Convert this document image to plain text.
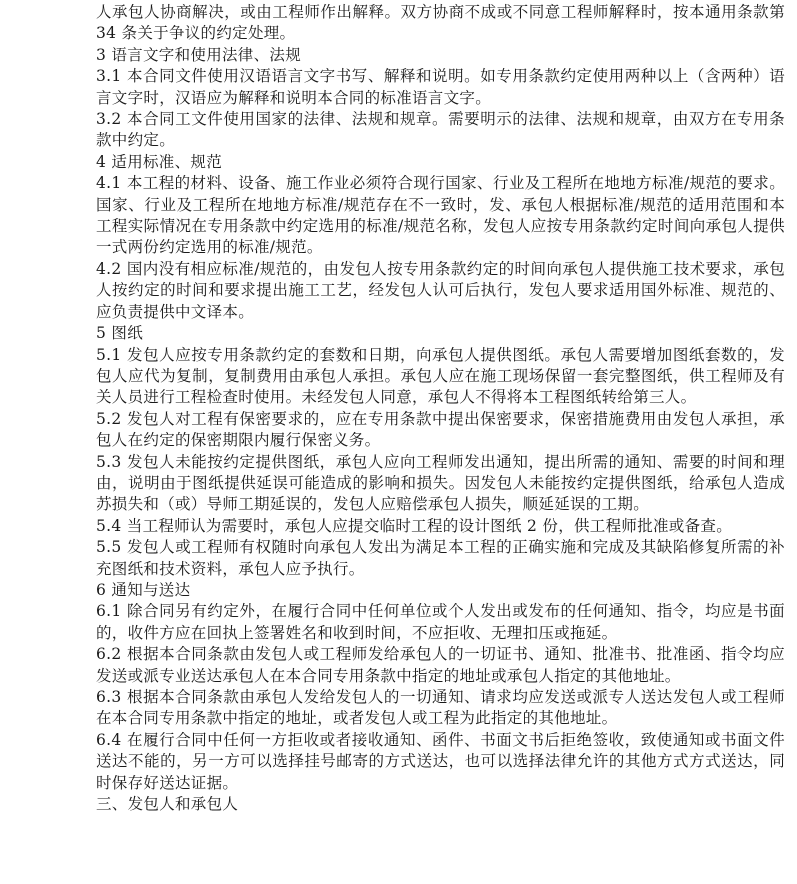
人承包人协商解决，或由工程师作出解释。双方协商不成或不同意工程师解释时，按本通用条款第 34 条关于争议的约定处理。

3 语言文字和使用法律、法规

3.1 本合同文件使用汉语语言文字书写、解释和说明。如专用条款约定使用两种以上（含两种）语言文字时，汉语应为解释和说明本合同的标准语言文字。

3.2 本合同工文件使用国家的法律、法规和规章。需要明示的法律、法规和规章，由双方在专用条款中约定。

4 适用标准、规范

4.1 本工程的材料、设备、施工作业必须符合现行国家、行业及工程所在地地方标准/规范的要求。国家、行业及工程所在地地方标准/规范存在不一致时，发、承包人根据标准/规范的适用范围和本工程实际情况在专用条款中约定选用的标准/规范名称，发包人应按专用条款约定时间向承包人提供一式两份约定选用的标准/规范。

4.2 国内没有相应标准/规范的，由发包人按专用条款约定的时间向承包人提供施工技术要求，承包人按约定的时间和要求提出施工工艺，经发包人认可后执行，发包人要求适用国外标准、规范的、应负责提供中文译本。

5 图纸

5.1 发包人应按专用条款约定的套数和日期，向承包人提供图纸。承包人需要增加图纸套数的，发包人应代为复制，复制费用由承包人承担。承包人应在施工现场保留一套完整图纸，供工程师及有关人员进行工程检查时使用。未经发包人同意，承包人不得将本工程图纸转给第三人。

5.2 发包人对工程有保密要求的，应在专用条款中提出保密要求，保密措施费用由发包人承担，承包人在约定的保密期限内履行保密义务。

5.3 发包人未能按约定提供图纸，承包人应向工程师发出通知，提出所需的通知、需要的时间和理由，说明由于图纸提供延误可能造成的影响和损失。因发包人未能按约定提供图纸，给承包人造成苏损失和（或）导师工期延误的，发包人应赔偿承包人损失，顺延延误的工期。

5.4 当工程师认为需要时，承包人应提交临时工程的设计图纸 2 份，供工程师批准或备查。

5.5 发包人或工程师有权随时向承包人发出为满足本工程的正确实施和完成及其缺陷修复所需的补充图纸和技术资料，承包人应予执行。

6 通知与送达

6.1 除合同另有约定外，在履行合同中任何单位或个人发出或发布的任何通知、指令，均应是书面的，收件方应在回执上签署姓名和收到时间，不应拒收、无理扣压或拖延。

6.2 根据本合同条款由发包人或工程师发给承包人的一切证书、通知、批准书、批准函、指令均应发送或派专业送达承包人在本合同专用条款中指定的地址或承包人指定的其他地址。

6.3 根据本合同条款由承包人发给发包人的一切通知、请求均应发送或派专人送达发包人或工程师在本合同专用条款中指定的地址，或者发包人或工程为此指定的其他地址。

6.4 在履行合同中任何一方拒收或者接收通知、函件、书面文书后拒绝签收，致使通知或书面文件送达不能的，另一方可以选择挂号邮寄的方式送达，也可以选择法律允许的其他方式方式送达，同时保存好送达证据。

三、发包人和承包人
